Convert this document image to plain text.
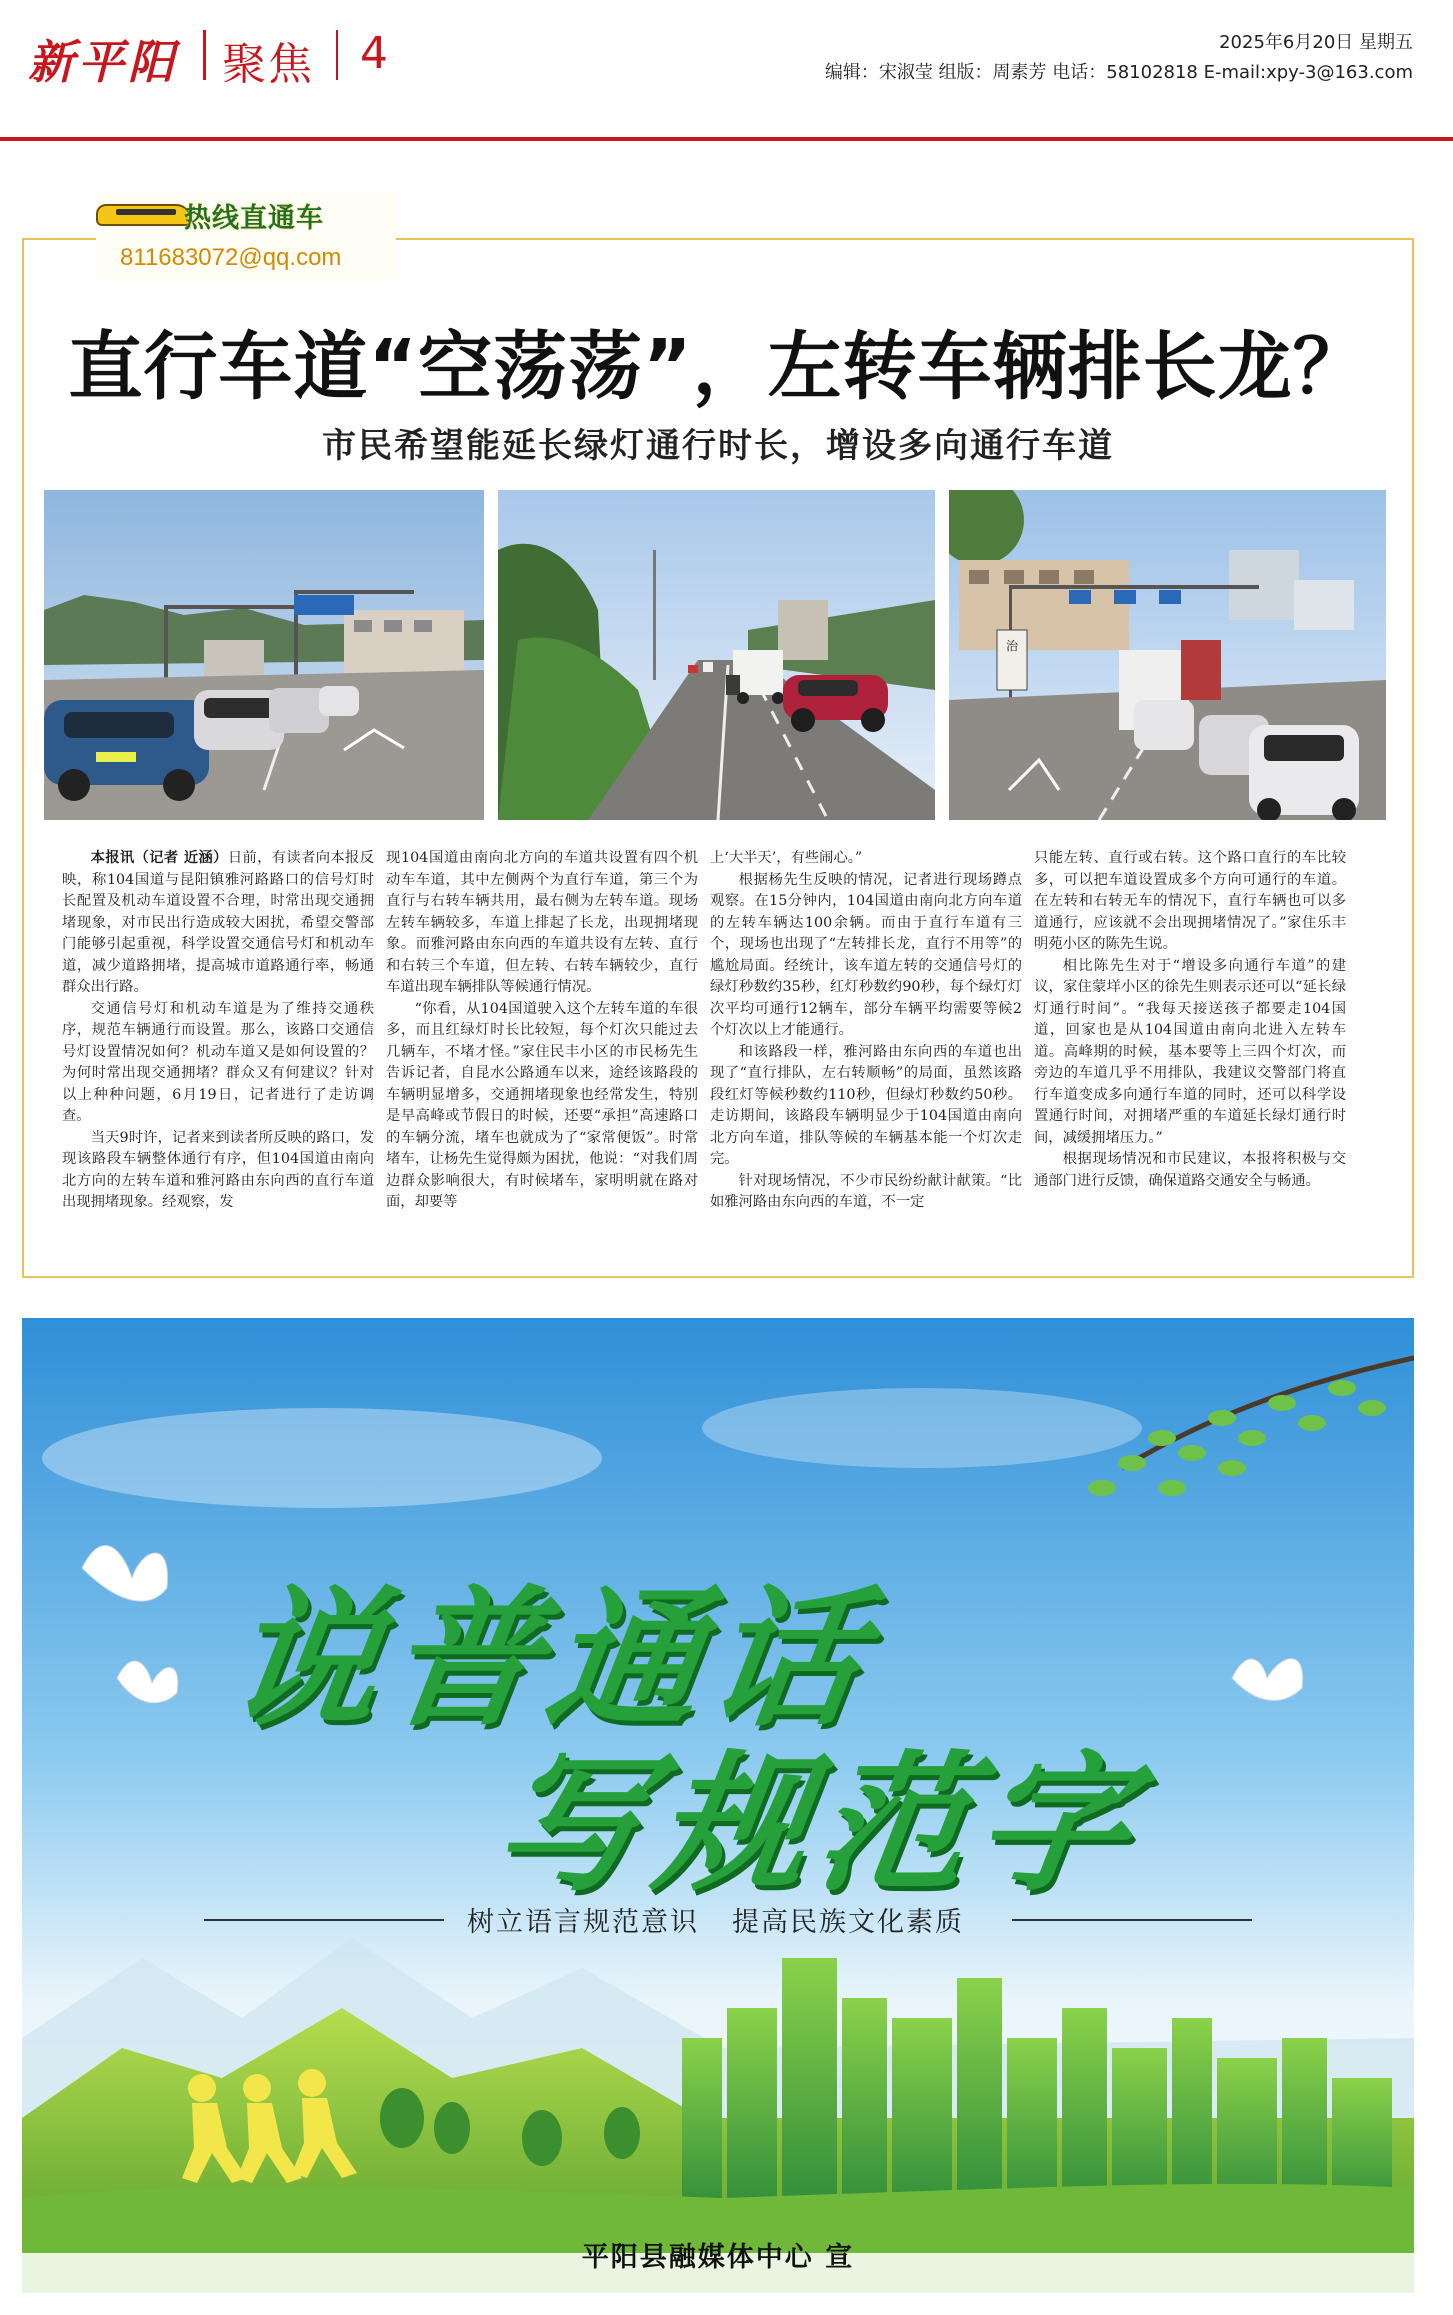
新平阳 聚焦 4	2025年6月20日 星期五
编辑：宋淑莹 组版：周素芳 电话：58102818 E-mail:xpy-3@163.com
热线直通车
811683072@qq.com
直行车道“空荡荡”，左转车辆排长龙？
市民希望能延长绿灯通行时长，增设多向通行车道
治

本报讯（记者 近涵）日前，有读者向本报反映，称104国道与昆阳镇雅河路路口的信号灯时长配置及机动车道设置不合理，时常出现交通拥堵现象，对市民出行造成较大困扰，希望交警部门能够引起重视，科学设置交通信号灯和机动车道，减少道路拥堵，提高城市道路通行率，畅通群众出行路。

交通信号灯和机动车道是为了维持交通秩序，规范车辆通行而设置。那么，该路口交通信号灯设置情况如何？机动车道又是如何设置的？为何时常出现交通拥堵？群众又有何建议？针对以上种种问题，6月19日，记者进行了走访调查。

当天9时许，记者来到读者所反映的路口，发现该路段车辆整体通行有序，但104国道由南向北方向的左转车道和雅河路由东向西的直行车道出现拥堵现象。经观察，发

现104国道由南向北方向的车道共设置有四个机动车车道，其中左侧两个为直行车道，第三个为直行与右转车辆共用，最右侧为左转车道。现场左转车辆较多，车道上排起了长龙，出现拥堵现象。而雅河路由东向西的车道共设有左转、直行和右转三个车道，但左转、右转车辆较少，直行车道出现车辆排队等候通行情况。

“你看，从104国道驶入这个左转车道的车很多，而且红绿灯时长比较短，每个灯次只能过去几辆车，不堵才怪。”家住民丰小区的市民杨先生告诉记者，自昆水公路通车以来，途经该路段的车辆明显增多，交通拥堵现象也经常发生，特别是早高峰或节假日的时候，还要“承担”高速路口的车辆分流，堵车也就成为了“家常便饭”。时常堵车，让杨先生觉得颇为困扰，他说：“对我们周边群众影响很大，有时候堵车，家明明就在路对面，却要等

上‘大半天’，有些闹心。”

根据杨先生反映的情况，记者进行现场蹲点观察。在15分钟内，104国道由南向北方向车道的左转车辆达100余辆。而由于直行车道有三个，现场也出现了“左转排长龙，直行不用等”的尴尬局面。经统计，该车道左转的交通信号灯的绿灯秒数约35秒，红灯秒数约90秒，每个绿灯灯次平均可通行12辆车，部分车辆平均需要等候2个灯次以上才能通行。

和该路段一样，雅河路由东向西的车道也出现了“直行排队，左右转顺畅”的局面，虽然该路段红灯等候秒数约110秒，但绿灯秒数约50秒。走访期间，该路段车辆明显少于104国道由南向北方向车道，排队等候的车辆基本能一个灯次走完。

针对现场情况，不少市民纷纷献计献策。“比如雅河路由东向西的车道，不一定

只能左转、直行或右转。这个路口直行的车比较多，可以把车道设置成多个方向可通行的车道。在左转和右转无车的情况下，直行车辆也可以多道通行，应该就不会出现拥堵情况了。”家住乐丰明苑小区的陈先生说。

相比陈先生对于“增设多向通行车道”的建议，家住蒙垟小区的徐先生则表示还可以“延长绿灯通行时间”。“我每天接送孩子都要走104国道，回家也是从104国道由南向北进入左转车道。高峰期的时候，基本要等上三四个灯次，而旁边的车道几乎不用排队，我建议交警部门将直行车道变成多向通行车道的同时，还可以科学设置通行时间，对拥堵严重的车道延长绿灯通行时间，减缓拥堵压力。”

根据现场情况和市民建议，本报将积极与交通部门进行反馈，确保道路交通安全与畅通。

说普通话
写规范字
树立语言规范意识 提高民族文化素质
平阳县融媒体中心 宣
